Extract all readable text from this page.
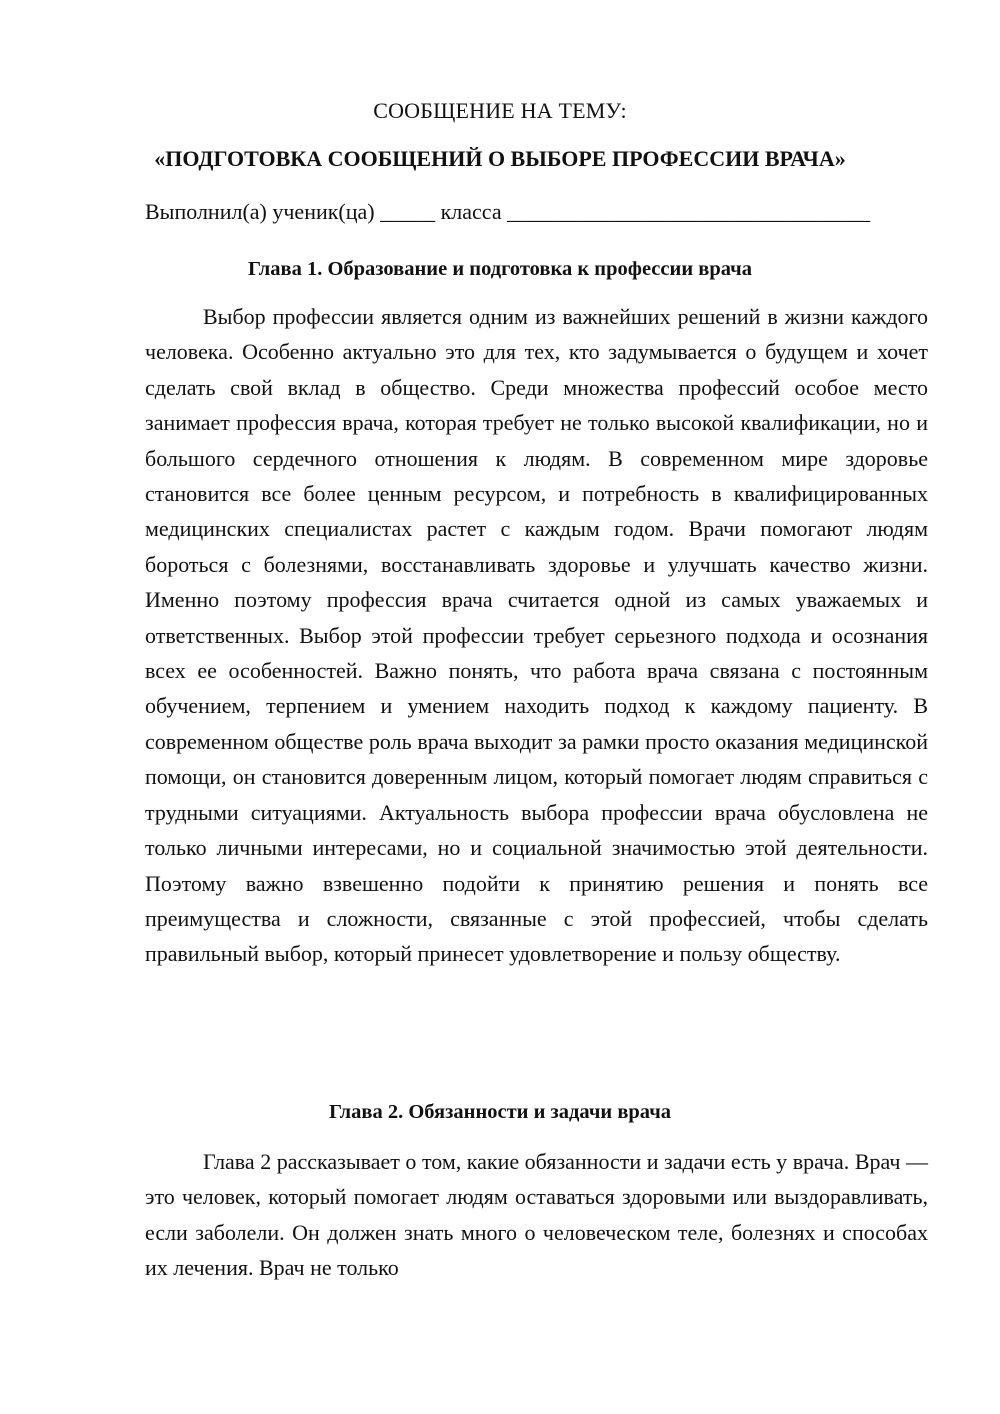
СООБЩЕНИЕ НА ТЕМУ:
«ПОДГОТОВКА СООБЩЕНИЙ О ВЫБОРЕ ПРОФЕССИИ ВРАЧА»
Выполнил(а) ученик(ца) _____ класса _________________________________
Глава 1. Образование и подготовка к профессии врача

Выбор профессии является одним из важнейших решений в жизни каждого человека. Особенно актуально это для тех, кто задумывается о будущем и хочет сделать свой вклад в общество. Среди множества профессий особое место занимает профессия врача, которая требует не только высокой квалификации, но и большого сердечного отношения к людям. В современном мире здоровье становится все более ценным ресурсом, и потребность в квалифицированных медицинских специалистах растет с каждым годом. Врачи помогают людям бороться с болезнями, восстанавливать здоровье и улучшать качество жизни. Именно поэтому профессия врача считается одной из самых уважаемых и ответственных. Выбор этой профессии требует серьезного подхода и осознания всех ее особенностей. Важно понять, что работа врача связана с постоянным обучением, терпением и умением находить подход к каждому пациенту. В современном обществе роль врача выходит за рамки просто оказания медицинской помощи, он становится доверенным лицом, который помогает людям справиться с трудными ситуациями. Актуальность выбора профессии врача обусловлена не только личными интересами, но и социальной значимостью этой деятельности. Поэтому важно взвешенно подойти к принятию решения и понять все преимущества и сложности, связанные с этой профессией, чтобы сделать правильный выбор, который принесет удовлетворение и пользу обществу.

Глава 2. Обязанности и задачи врача

Глава 2 рассказывает о том, какие обязанности и задачи есть у врача. Врач — это человек, который помогает людям оставаться здоровыми или выздоравливать, если заболели. Он должен знать много о человеческом теле, болезнях и способах их лечения. Врач не только
